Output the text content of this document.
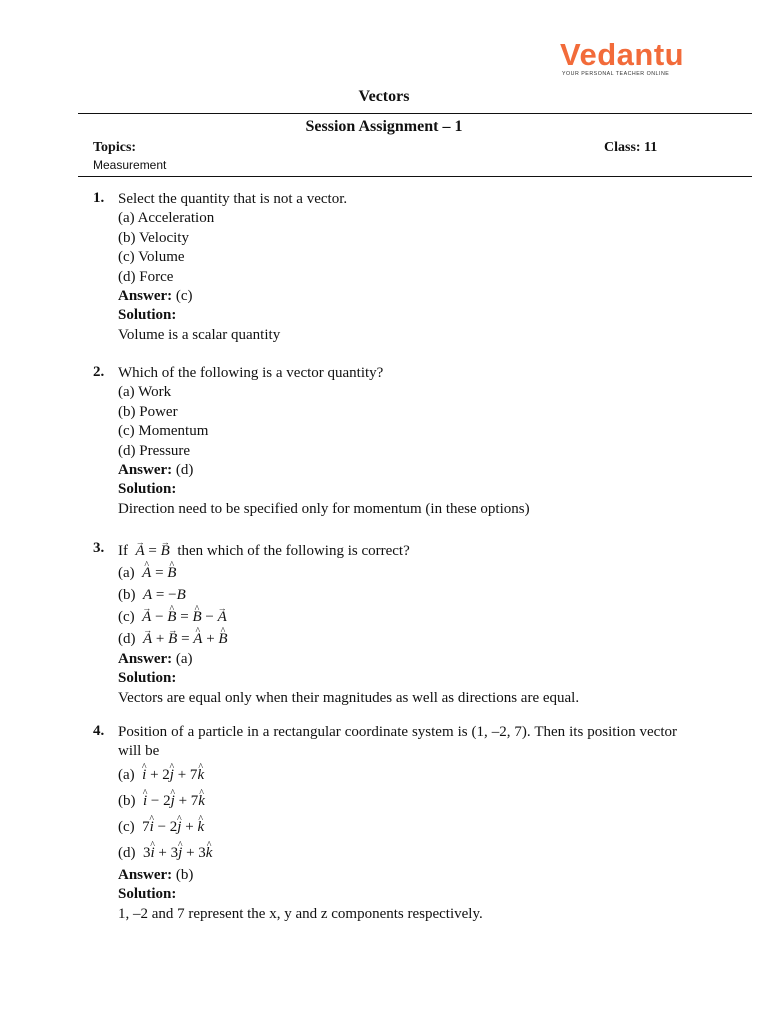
Vedantu
YOUR PERSONAL TEACHER ONLINE
Vectors
Session Assignment – 1
Topics:	Class: 11
Measurement
1. Select the quantity that is not a vector.
(a) Acceleration
(b) Velocity
(c) Volume
(d) Force
Answer: (c)
Solution:
Volume is a scalar quantity
2. Which of the following is a vector quantity?
(a) Work
(b) Power
(c) Momentum
(d) Pressure
Answer: (d)
Solution:
Direction need to be specified only for momentum (in these options)
3. If → A = → B then which of the following is correct?
(a) ^ A = ^ B
(b) A = −B
(c) → A − ^ B = ^ B − → A
(d) → A + → B = ^ A + ^ B
Answer: (a)
Solution:
Vectors are equal only when their magnitudes as well as directions are equal.
4. Position of a particle in a rectangular coordinate system is (1, –2, 7). Then its position vector will be
(a) ^ i + 2^ j + 7^ k
(b) ^ i − 2^ j + 7^ k
(c)  7^ i − 2^ j + ^ k
(d)  3^ i + 3^ j + 3^ k
Answer: (b)
Solution:
1, –2 and 7 represent the x, y and z components respectively.
